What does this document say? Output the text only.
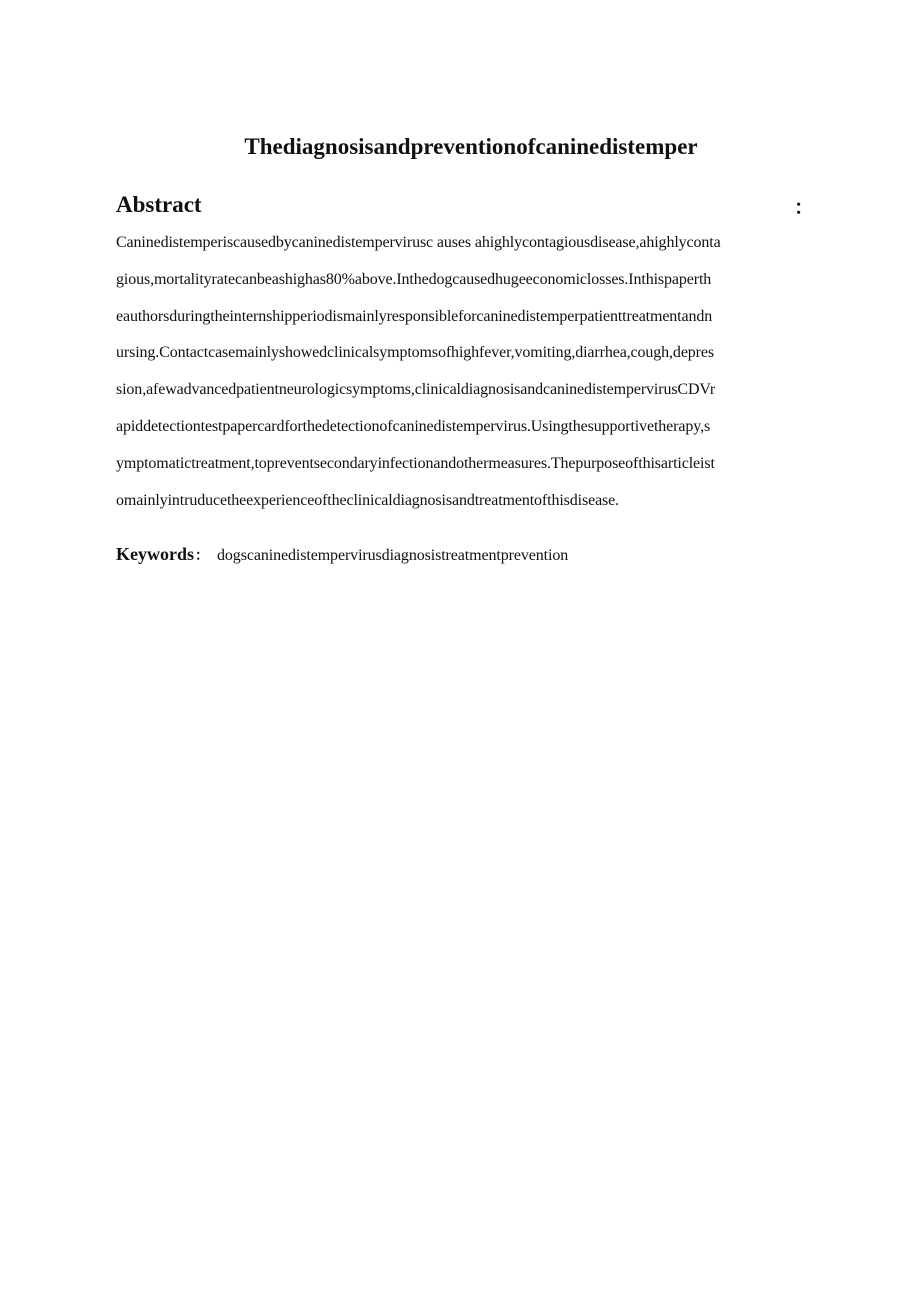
Thediagnosisandpreventionofcaninedistemper
Abstract	：
Caninedistemperiscausedbycaninedistempervirusc auses ahighlycontagiousdisease,ahighlyconta
gious,mortalityratecanbeashighas80%above.Inthedogcausedhugeeconomiclosses.Inthispaperth
eauthorsduringtheinternshipperiodismainlyresponsibleforcaninedistemperpatienttreatmentandn
ursing.Contactcasemainlyshowedclinicalsymptomsofhighfever,vomiting,diarrhea,cough,depres
sion,afewadvancedpatientneurologicsymptoms,clinicaldiagnosisandcaninedistempervirusCDVr
apiddetectiontestpapercardforthedetectionofcaninedistempervirus.Usingthesupportivetherapy,s
ymptomatictreatment,topreventsecondaryinfectionandothermeasures.Thepurposeofthisarticleist
omainlyintruducetheexperienceoftheclinicaldiagnosisandtreatmentofthisdisease.
Keywords： dogscaninedistempervirusdiagnosistreatmentprevention
